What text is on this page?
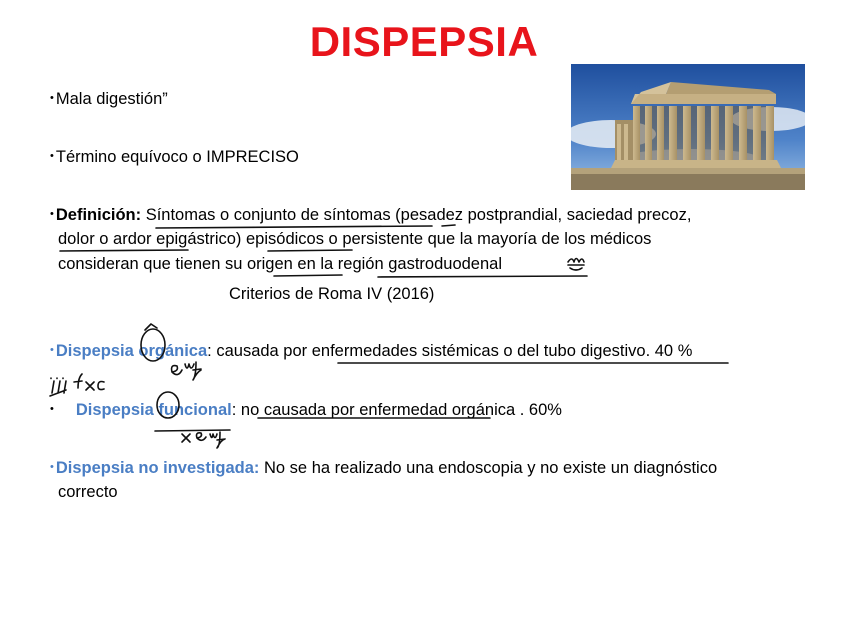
DISPEPSIA
• Mala digestión”
• Término equívoco o IMPRECISO
• Definición: Síntomas o conjunto de síntomas (pesadez postprandial, saciedad precoz,
dolor o ardor epigástrico) episódicos o persistente que la mayoría de los médicos
consideran que tienen su origen en la región gastroduodenal
Criterios de Roma IV (2016)
• Dispepsia orgánica: causada por enfermedades sistémicas o del tubo digestivo. 40 %
• Dispepsia funcional: no causada por enfermedad orgánica . 60%
• Dispepsia no investigada: No se ha realizado una endoscopia y no existe un diagnóstico
correcto
